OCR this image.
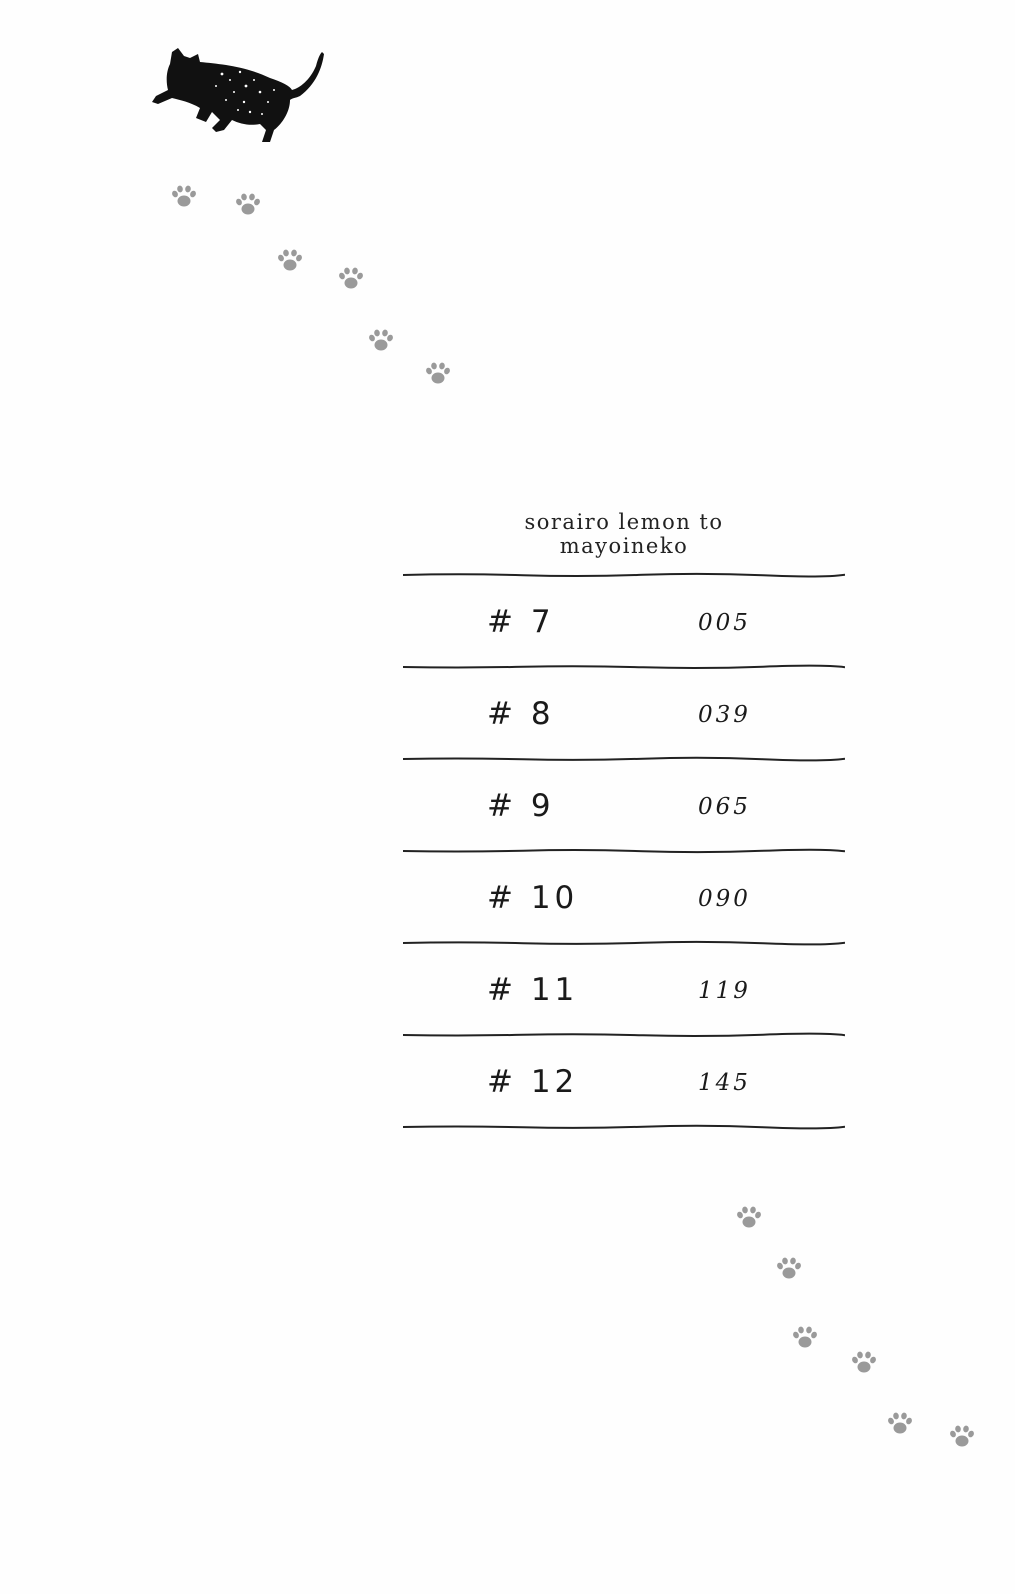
sorairo lemon to
mayoineko
# 7	005
# 8	039
# 9	065
# 10	090
# 11	119
# 12	145
